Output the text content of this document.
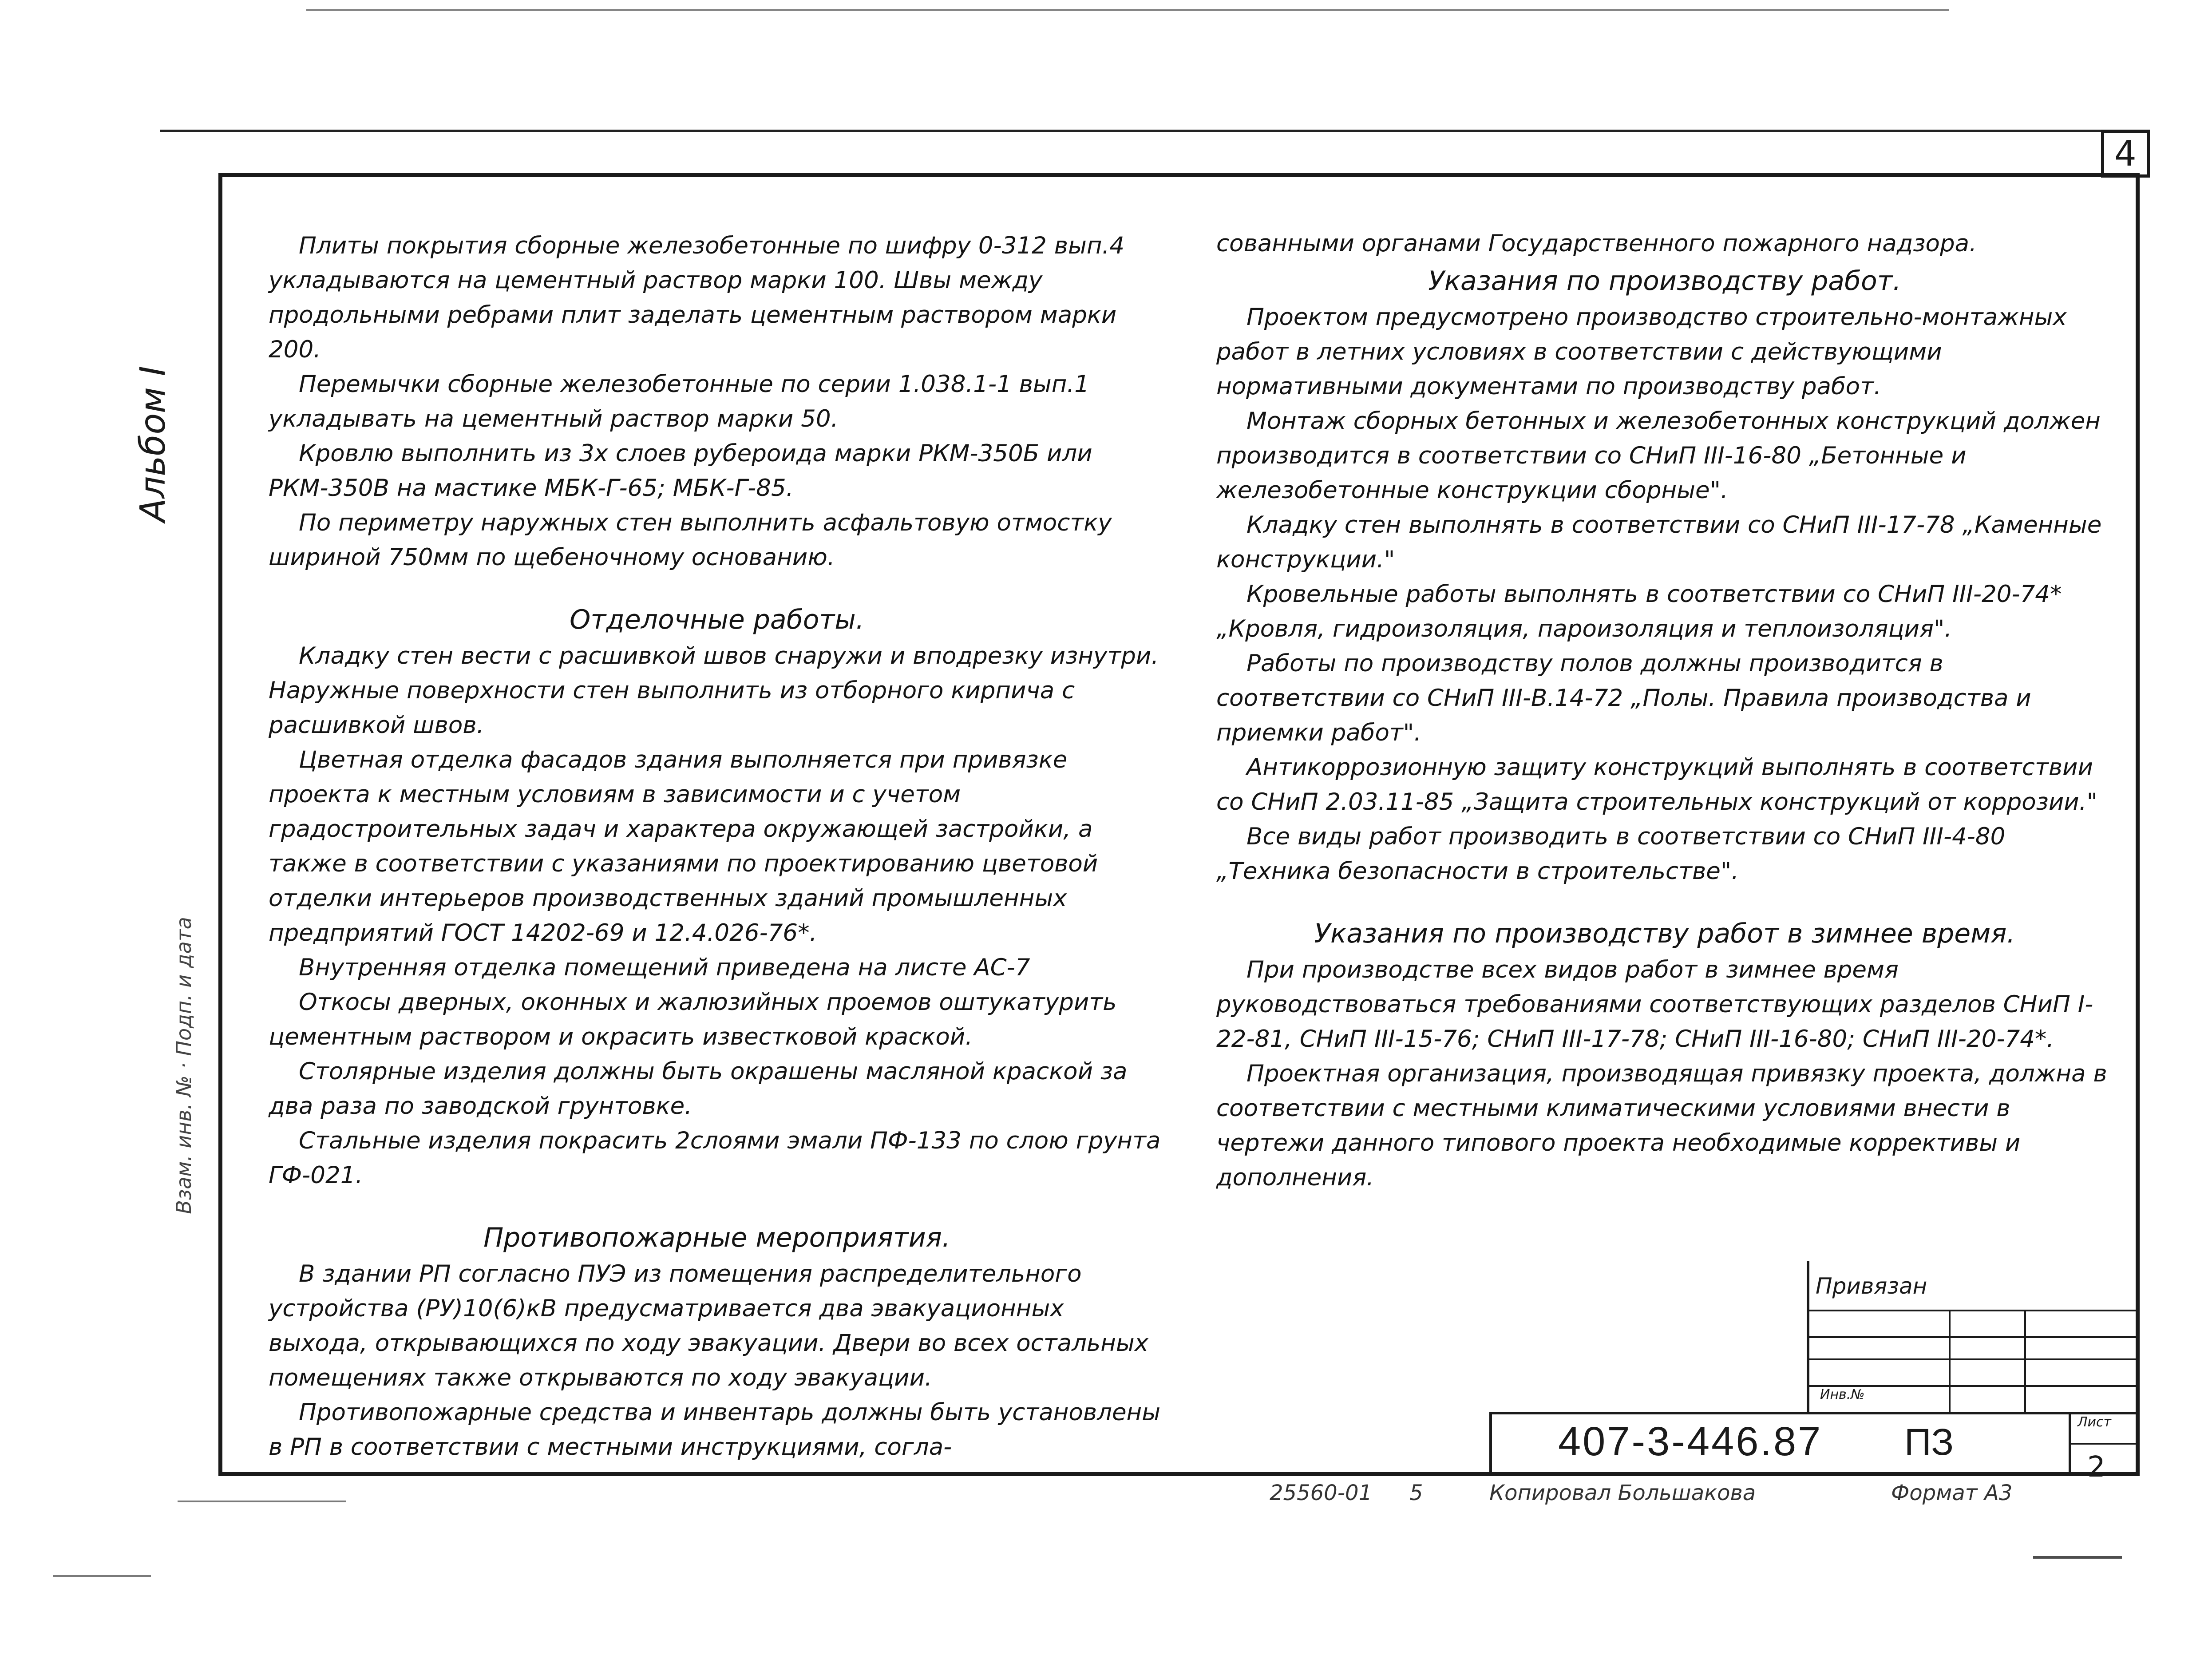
4
Альбом I
Взам. инв. № · Подп. и дата

Плиты покрытия сборные железобетонные по шифру 0-312 вып.4 укладываются на цементный раствор марки 100. Швы между продольными ребрами плит заделать цементным раствором марки 200.

Перемычки сборные железобетонные по серии 1.038.1-1 вып.1 укладывать на цементный раствор марки 50.

Кровлю выполнить из 3х слоев рубероида марки РКМ-350Б или РКМ-350В на мастике МБК-Г-65; МБК-Г-85.

По периметру наружных стен выполнить асфальтовую отмостку шириной 750мм по щебеночному основанию.

Отделочные работы.

Кладку стен вести с расшивкой швов снаружи и вподрезку изнутри. Наружные поверхности стен выполнить из отборного кирпича с расшивкой швов.

Цветная отделка фасадов здания выполняется при привязке проекта к местным условиям в зависимости и с учетом градостроительных задач и характера окружающей застройки, а также в соответствии с указаниями по проектированию цветовой отделки интерьеров производственных зданий промышленных предприятий ГОСТ 14202-69 и 12.4.026-76*.

Внутренняя отделка помещений приведена на листе АС-7

Откосы дверных, оконных и жалюзийных проемов оштукатурить цементным раствором и окрасить известковой краской.

Столярные изделия должны быть окрашены масляной краской за два раза по заводской грунтовке.

Стальные изделия покрасить 2слоями эмали ПФ-133 по слою грунта ГФ-021.

Противопожарные мероприятия.

В здании РП согласно ПУЭ из помещения распределительного устройства (РУ)10(6)кВ предусматривается два эвакуационных выхода, открывающихся по ходу эвакуации. Двери во всех остальных помещениях также открываются по ходу эвакуации.

Противопожарные средства и инвентарь должны быть установлены в РП в соответствии с местными инструкциями, согла-

сованными органами Государственного пожарного надзора.

Указания по производству работ.

Проектом предусмотрено производство строительно-монтажных работ в летних условиях в соответствии с действующими нормативными документами по производству работ.

Монтаж сборных бетонных и железобетонных конструкций должен производится в соответствии со СНиП III-16-80 „Бетонные и железобетонные конструкции сборные".

Кладку стен выполнять в соответствии со СНиП III-17-78 „Каменные конструкции."

Кровельные работы выполнять в соответствии со СНиП III-20-74* „Кровля, гидроизоляция, пароизоляция и теплоизоляция".

Работы по производству полов должны производится в соответствии со СНиП III-В.14-72 „Полы. Правила производства и приемки работ".

Антикоррозионную защиту конструкций выполнять в соответствии со СНиП 2.03.11-85 „Защита строительных конструкций от коррозии."

Все виды работ производить в соответствии со СНиП III-4-80 „Техника безопасности в строительстве".

Указания по производству работ в зимнее время.

При производстве всех видов работ в зимнее время руководствоваться требованиями соответствующих разделов СНиП I-22-81, СНиП III-15-76; СНиП III-17-78; СНиП III-16-80; СНиП III-20-74*.

Проектная организация, производящая привязку проекта, должна в соответствии с местными климатическими условиями внести в чертежи данного типового проекта необходимые коррективы и дополнения.

Привязан
Инв.№
407-3-446.87	ПЗ	Лист
2
25560-01 5	Копировал Большакова	Формат А3
